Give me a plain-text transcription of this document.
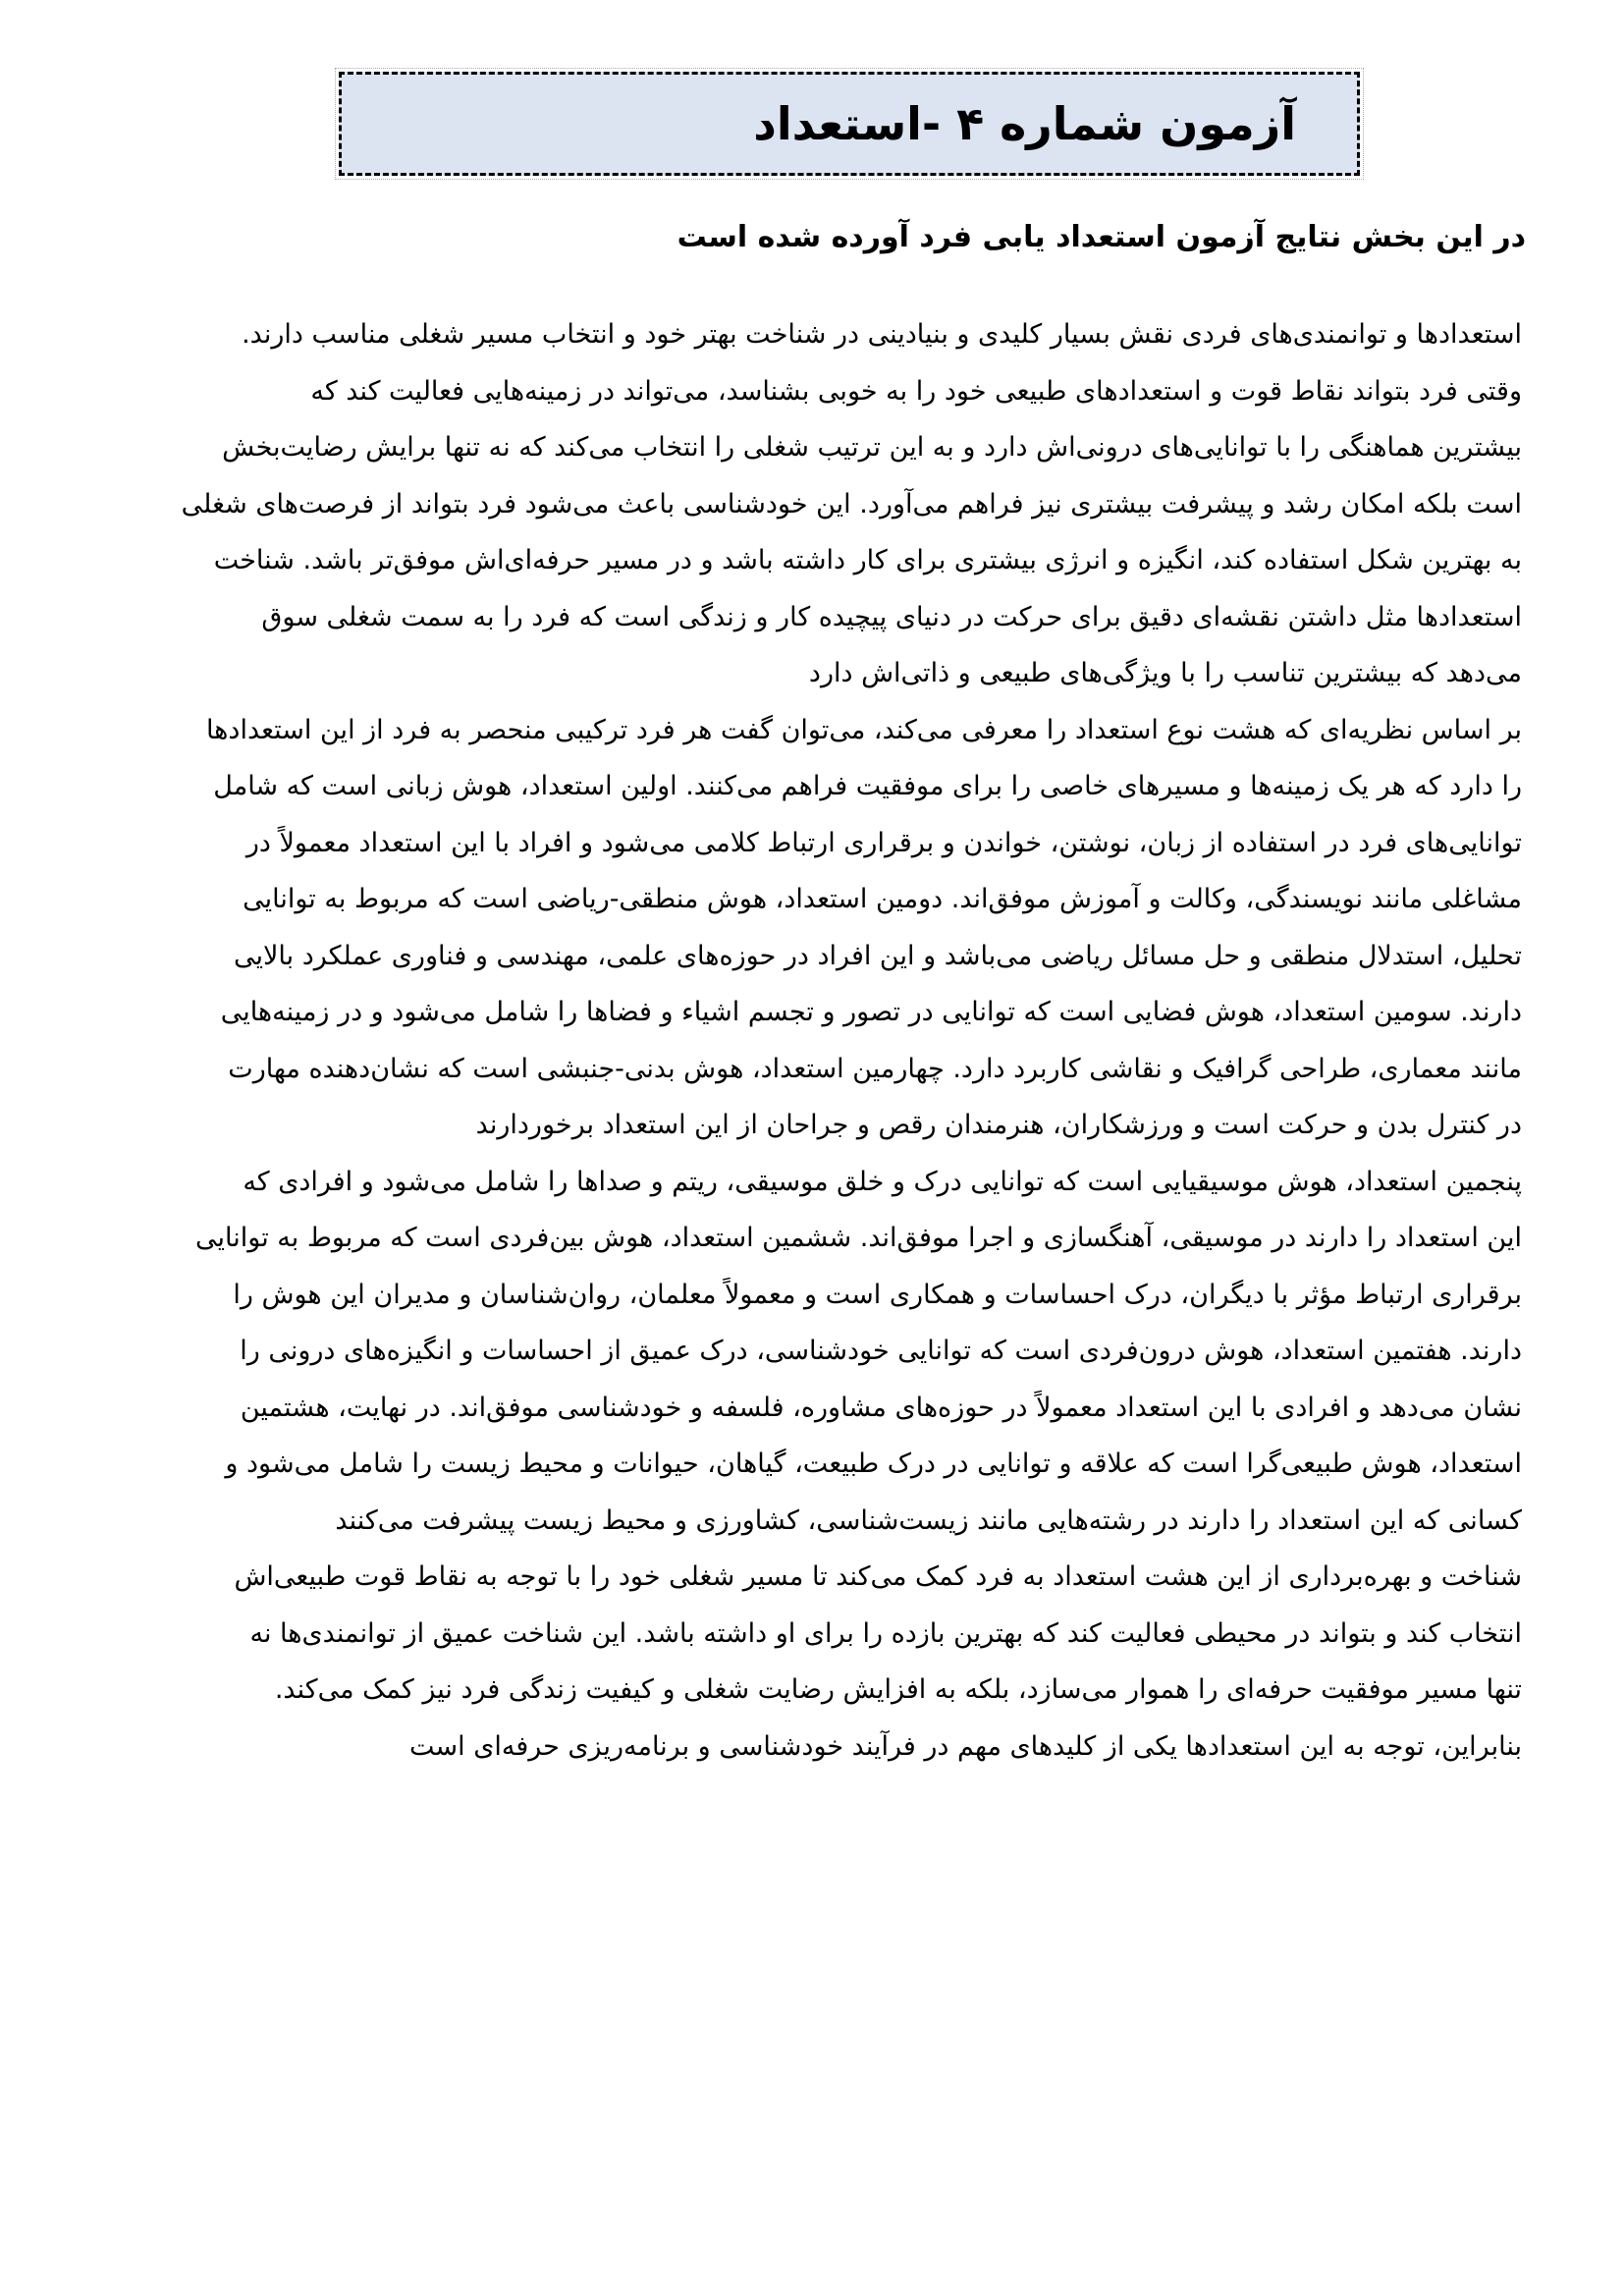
آزمون شماره ۴ -استعداد
در این بخش نتایج آزمون استعداد یابی فرد آورده شده است
استعدادها و توانمندی‌های فردی نقش بسیار کلیدی و بنیادینی در شناخت بهتر خود و انتخاب مسیر شغلی مناسب دارند.
وقتی فرد بتواند نقاط قوت و استعدادهای طبیعی خود را به خوبی بشناسد، می‌تواند در زمینه‌هایی فعالیت کند که
بیشترین هماهنگی را با توانایی‌های درونی‌اش دارد و به این ترتیب شغلی را انتخاب می‌کند که نه تنها برایش رضایت‌بخش
است بلکه امکان رشد و پیشرفت بیشتری نیز فراهم می‌آورد. این خودشناسی باعث می‌شود فرد بتواند از فرصت‌های شغلی
به بهترین شکل استفاده کند، انگیزه و انرژی بیشتری برای کار داشته باشد و در مسیر حرفه‌ای‌اش موفق‌تر باشد. شناخت
استعدادها مثل داشتن نقشه‌ای دقیق برای حرکت در دنیای پیچیده کار و زندگی است که فرد را به سمت شغلی سوق
می‌دهد که بیشترین تناسب را با ویژگی‌های طبیعی و ذاتی‌اش دارد
بر اساس نظریه‌ای که هشت نوع استعداد را معرفی می‌کند، می‌توان گفت هر فرد ترکیبی منحصر به فرد از این استعدادها
را دارد که هر یک زمینه‌ها و مسیرهای خاصی را برای موفقیت فراهم می‌کنند. اولین استعداد، هوش زبانی است که شامل
توانایی‌های فرد در استفاده از زبان، نوشتن، خواندن و برقراری ارتباط کلامی می‌شود و افراد با این استعداد معمولاً در
مشاغلی مانند نویسندگی، وکالت و آموزش موفق‌اند. دومین استعداد، هوش منطقی-ریاضی است که مربوط به توانایی
تحلیل، استدلال منطقی و حل مسائل ریاضی می‌باشد و این افراد در حوزه‌های علمی، مهندسی و فناوری عملکرد بالایی
دارند. سومین استعداد، هوش فضایی است که توانایی در تصور و تجسم اشیاء و فضاها را شامل می‌شود و در زمینه‌هایی
مانند معماری، طراحی گرافیک و نقاشی کاربرد دارد. چهارمین استعداد، هوش بدنی-جنبشی است که نشان‌دهنده مهارت
در کنترل بدن و حرکت است و ورزشکاران، هنرمندان رقص و جراحان از این استعداد برخوردارند
پنجمین استعداد، هوش موسیقیایی است که توانایی درک و خلق موسیقی، ریتم و صداها را شامل می‌شود و افرادی که
این استعداد را دارند در موسیقی، آهنگسازی و اجرا موفق‌اند. ششمین استعداد، هوش بین‌فردی است که مربوط به توانایی
برقراری ارتباط مؤثر با دیگران، درک احساسات و همکاری است و معمولاً معلمان، روان‌شناسان و مدیران این هوش را
دارند. هفتمین استعداد، هوش درون‌فردی است که توانایی خودشناسی، درک عمیق از احساسات و انگیزه‌های درونی را
نشان می‌دهد و افرادی با این استعداد معمولاً در حوزه‌های مشاوره، فلسفه و خودشناسی موفق‌اند. در نهایت، هشتمین
استعداد، هوش طبیعی‌گرا است که علاقه و توانایی در درک طبیعت، گیاهان، حیوانات و محیط زیست را شامل می‌شود و
کسانی که این استعداد را دارند در رشته‌هایی مانند زیست‌شناسی، کشاورزی و محیط زیست پیشرفت می‌کنند
شناخت و بهره‌برداری از این هشت استعداد به فرد کمک می‌کند تا مسیر شغلی خود را با توجه به نقاط قوت طبیعی‌اش
انتخاب کند و بتواند در محیطی فعالیت کند که بهترین بازده را برای او داشته باشد. این شناخت عمیق از توانمندی‌ها نه
تنها مسیر موفقیت حرفه‌ای را هموار می‌سازد، بلکه به افزایش رضایت شغلی و کیفیت زندگی فرد نیز کمک می‌کند.
بنابراین، توجه به این استعدادها یکی از کلیدهای مهم در فرآیند خودشناسی و برنامه‌ریزی حرفه‌ای است
